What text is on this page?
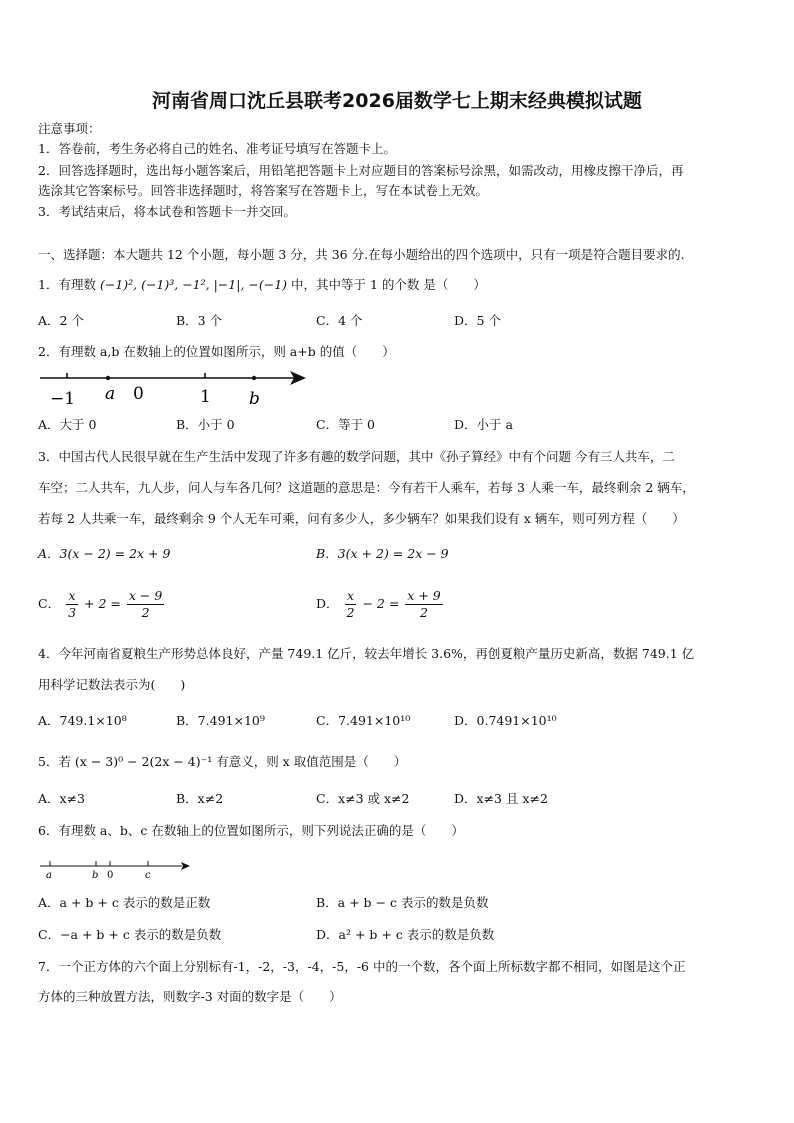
河南省周口沈丘县联考2026届数学七上期末经典模拟试题
注意事项：
1．答卷前，考生务必将自己的姓名、准考证号填写在答题卡上。
2．回答选择题时，选出每小题答案后，用铅笔把答题卡上对应题目的答案标号涂黑，如需改动，用橡皮擦干净后，再
选涂其它答案标号。回答非选择题时，将答案写在答题卡上，写在本试卷上无效。
3．考试结束后，将本试卷和答题卡一并交回。
一、选择题：本大题共 12 个小题，每小题 3 分，共 36 分.在每小题给出的四个选项中，只有一项是符合题目要求的.
1．有理数 (−1)², (−1)³, −1², |−1|, −(−1) 中，其中等于 1 的个数 是（　　）
A．2 个	B．3 个	C．4 个	D．5 个
2．有理数 a,b 在数轴上的位置如图所示，则 a+b 的值（　　）
−1 a 0	1 b
A．大于 0	B．小于 0	C．等于 0	D．小于 a
3．中国古代人民很早就在生产生活中发现了许多有趣的数学问题，其中《孙子算经》中有个问题 今有三人共车，二
车空；二人共车，九人步，问人与车各几何？这道题的意思是：今有若干人乘车，若每 3 人乘一车，最终剩余 2 辆车，
若每 2 人共乘一车，最终剩余 9 个人无车可乘，问有多少人，多少辆车？如果我们设有 x 辆车，则可列方程（　　）
A．3(x − 2) = 2x + 9	B．3(x + 2) = 2x − 9
C． $\frac{x}{3} + 2 = \frac{x - 9}{2}$	D． $\frac{x}{2} - 2 = \frac{x + 9}{2}$
4．今年河南省夏粮生产形势总体良好，产量 749.1 亿斤，较去年增长 3.6%，再创夏粮产量历史新高，数据 749.1 亿
用科学记数法表示为(　　)
A．749.1×10⁸	B．7.491×10⁹	C．7.491×10¹⁰	D．0.7491×10¹⁰
5．若 (x − 3)⁰ − 2(2x − 4)⁻¹ 有意义，则 x 取值范围是（　　）
A．x≠3	B．x≠2	C．x≠3 或 x≠2	D．x≠3 且 x≠2
6．有理数 a、b、c 在数轴上的位置如图所示，则下列说法正确的是（　　）
a	b 0	c
A．a + b + c 表示的数是正数	B．a + b − c 表示的数是负数
C．−a + b + c 表示的数是负数	D．a² + b + c 表示的数是负数
7．一个正方体的六个面上分别标有-1，-2，-3，-4，-5，-6 中的一个数，各个面上所标数字都不相同，如图是这个正
方体的三种放置方法，则数字-3 对面的数字是（　　）
